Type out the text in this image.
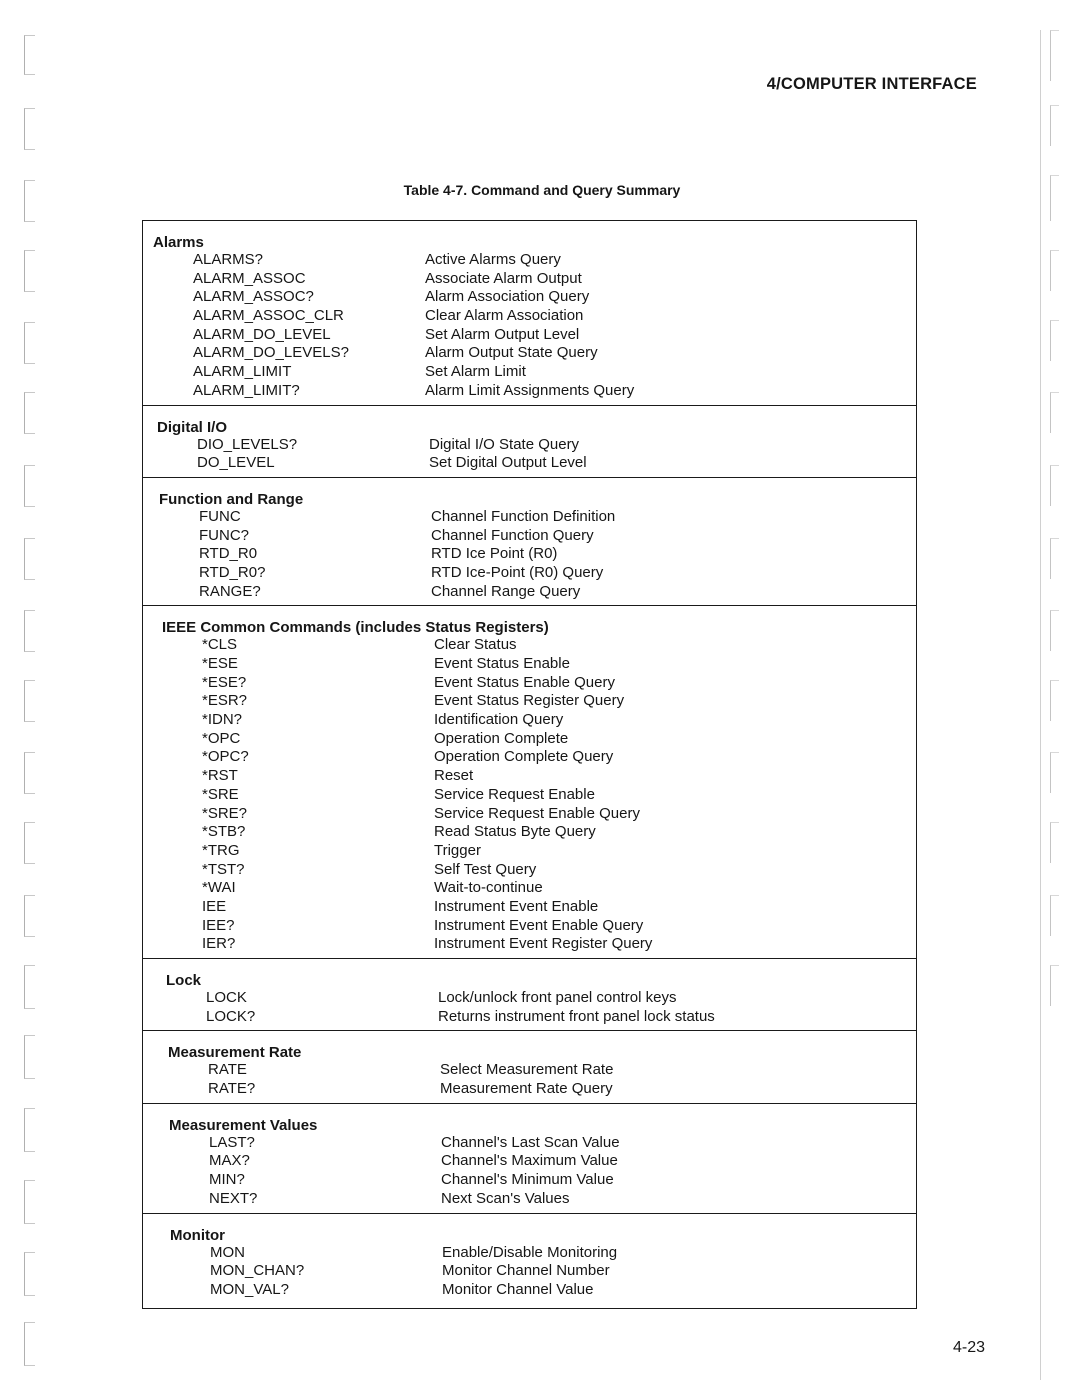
4/COMPUTER INTERFACE
Table 4-7. Command and Query Summary
Alarms
ALARMS?	Active Alarms Query
ALARM_ASSOC	Associate Alarm Output
ALARM_ASSOC?	Alarm Association Query
ALARM_ASSOC_CLR	Clear Alarm Association
ALARM_DO_LEVEL	Set Alarm Output Level
ALARM_DO_LEVELS?	Alarm Output State Query
ALARM_LIMIT	Set Alarm Limit
ALARM_LIMIT?	Alarm Limit Assignments Query
Digital I/O
DIO_LEVELS?	Digital I/O State Query
DO_LEVEL	Set Digital Output Level
Function and Range
FUNC	Channel Function Definition
FUNC?	Channel Function Query
RTD_R0	RTD Ice Point (R0)
RTD_R0?	RTD Ice-Point (R0) Query
RANGE?	Channel Range Query
IEEE Common Commands (includes Status Registers)
*CLS	Clear Status
*ESE	Event Status Enable
*ESE?	Event Status Enable Query
*ESR?	Event Status Register Query
*IDN?	Identification Query
*OPC	Operation Complete
*OPC?	Operation Complete Query
*RST	Reset
*SRE	Service Request Enable
*SRE?	Service Request Enable Query
*STB?	Read Status Byte Query
*TRG	Trigger
*TST?	Self Test Query
*WAI	Wait-to-continue
IEE	Instrument Event Enable
IEE?	Instrument Event Enable Query
IER?	Instrument Event Register Query
Lock
LOCK	Lock/unlock front panel control keys
LOCK?	Returns instrument front panel lock status
Measurement Rate
RATE	Select Measurement Rate
RATE?	Measurement Rate Query
Measurement Values
LAST?	Channel's Last Scan Value
MAX?	Channel's Maximum Value
MIN?	Channel's Minimum Value
NEXT?	Next Scan's Values
Monitor
MON	Enable/Disable Monitoring
MON_CHAN?	Monitor Channel Number
MON_VAL?	Monitor Channel Value
4-23
